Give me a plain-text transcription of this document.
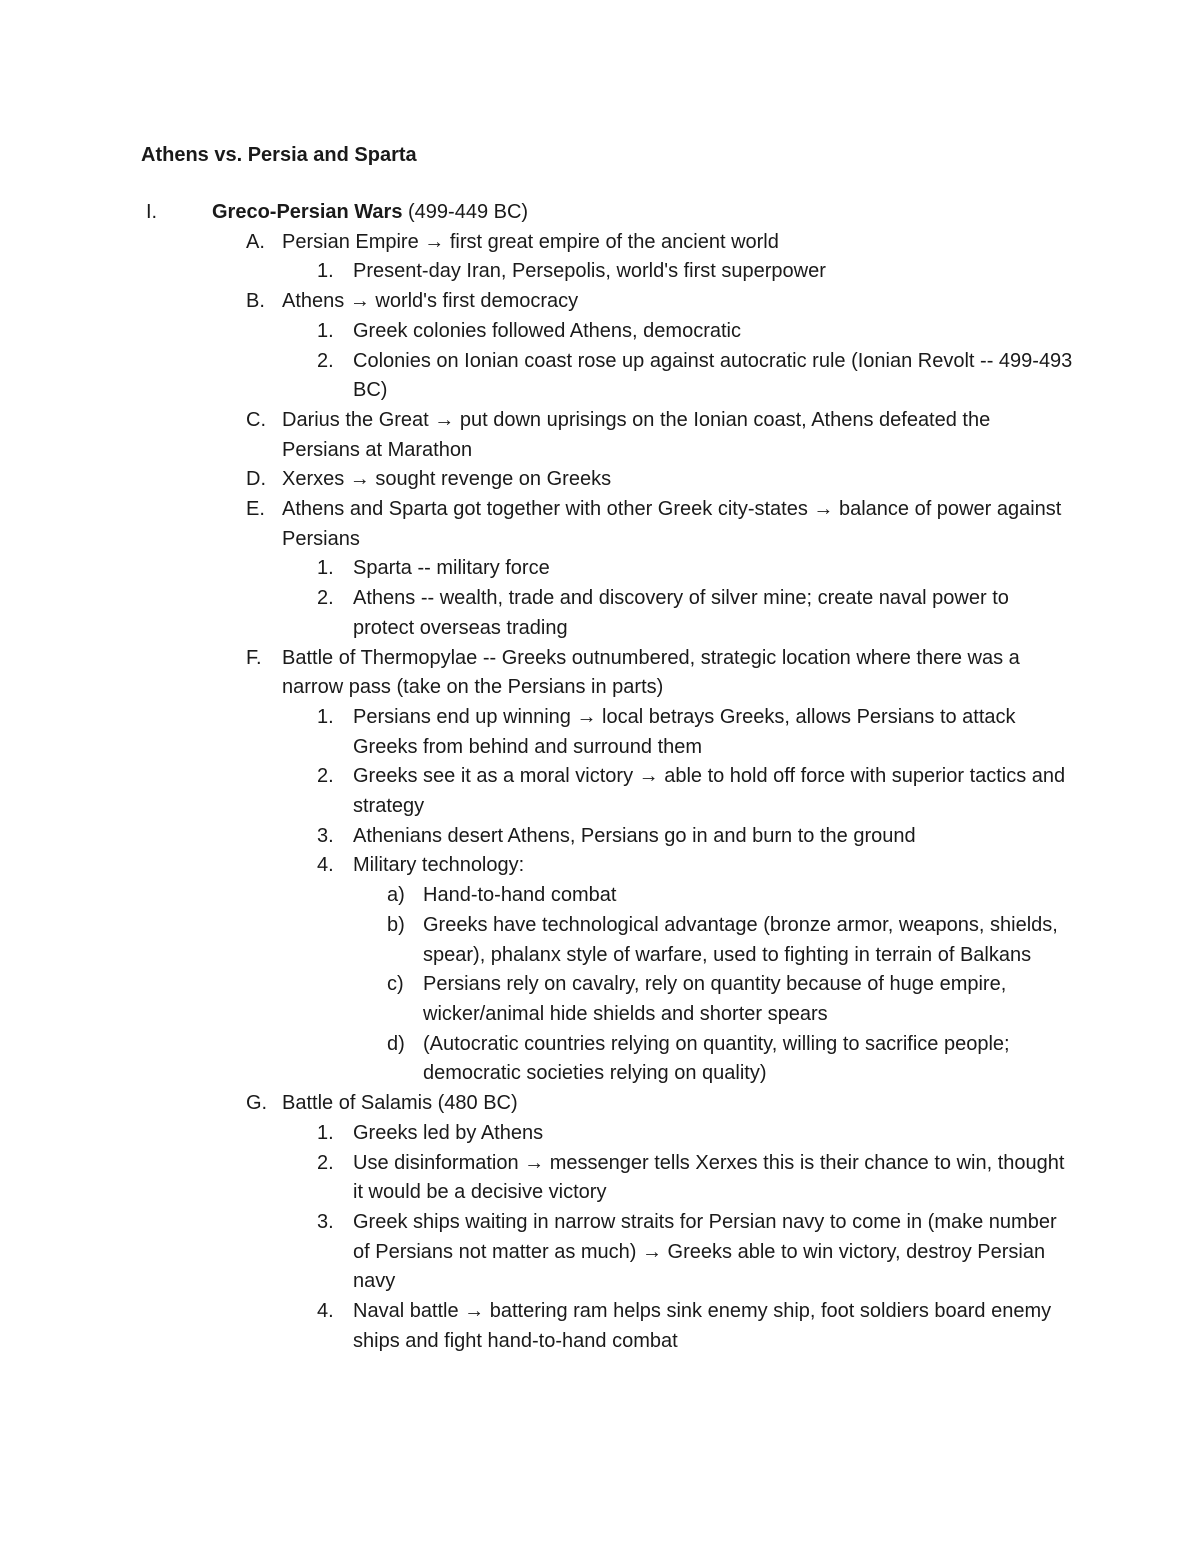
Athens vs. Persia and Sparta
I.	Greco-Persian Wars (499-449 BC)
A. Persian Empire → first great empire of the ancient world
1. Present-day Iran, Persepolis, world's first superpower
B. Athens → world's first democracy
1. Greek colonies followed Athens, democratic
2. Colonies on Ionian coast rose up against autocratic rule (Ionian Revolt -- 499-493 BC)
C. Darius the Great → put down uprisings on the Ionian coast, Athens defeated the Persians at Marathon
D. Xerxes → sought revenge on Greeks
E. Athens and Sparta got together with other Greek city-states → balance of power against Persians
1. Sparta -- military force
2. Athens -- wealth, trade and discovery of silver mine; create naval power to protect overseas trading
F. Battle of Thermopylae -- Greeks outnumbered, strategic location where there was a narrow pass (take on the Persians in parts)
1. Persians end up winning → local betrays Greeks, allows Persians to attack Greeks from behind and surround them
2. Greeks see it as a moral victory → able to hold off force with superior tactics and strategy
3. Athenians desert Athens, Persians go in and burn to the ground
4. Military technology:
a) Hand-to-hand combat
b) Greeks have technological advantage (bronze armor, weapons, shields, spear), phalanx style of warfare, used to fighting in terrain of Balkans
c) Persians rely on cavalry, rely on quantity because of huge empire, wicker/animal hide shields and shorter spears
d) (Autocratic countries relying on quantity, willing to sacrifice people; democratic societies relying on quality)
G. Battle of Salamis (480 BC)
1. Greeks led by Athens
2. Use disinformation → messenger tells Xerxes this is their chance to win, thought it would be a decisive victory
3. Greek ships waiting in narrow straits for Persian navy to come in (make number of Persians not matter as much) → Greeks able to win victory, destroy Persian navy
4. Naval battle → battering ram helps sink enemy ship, foot soldiers board enemy ships and fight hand-to-hand combat
